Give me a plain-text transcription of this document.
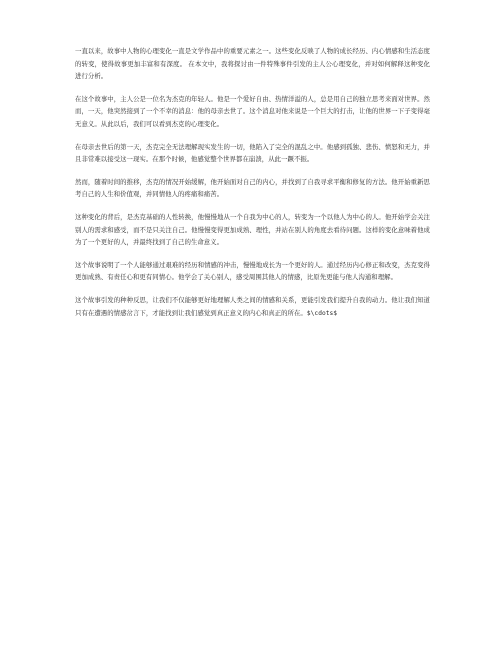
一直以来，故事中人物的心理变化一直是文学作品中的重要元素之一。这些变化反映了人物的成长经历、内心情感和生活态度的转变，使得故事更加丰富和有深度。 在本文中，我将探讨由一件特殊事件引发的主人公心理变化，并对如何解释这种变化进行分析。

在这个故事中，主人公是一位名为杰克的年轻人。他是一个爱好自由、热情洋溢的人，总是用自己的独立思考来面对世界。然而，一天，他突然接到了一个不幸的消息：他的母亲去世了。这个消息对他来说是一个巨大的打击，让他的世界一下子变得毫无意义。从此以后，我们可以看到杰克的心理变化。

在母亲去世后的第一天，杰克完全无法理解现实发生的一切，他陷入了完全的混乱之中。他感到孤独、悲伤、愤怒和无力，并且非常难以接受这一现实。在那个时候，他感觉整个世界都在崩溃，从此一蹶不振。

然而，随着时间的推移，杰克的情况开始缓解，他开始面对自己的内心，并找到了自我寻求平衡和修复的方法。他开始重新思考自己的人生和价值观，并同情他人的疼痛和痛苦。

这种变化的背后，是杰克基础的人性转换，他慢慢地从一个自我为中心的人，转变为一个以他人为中心的人。他开始学会关注别人的需求和感受，而不是只关注自己。他慢慢变得更加成熟、理性，并站在别人的角度去看待问题。这样的变化意味着他成为了一个更好的人，并最终找到了自己的生命意义。

这个故事说明了一个人能够通过艰难的经历和情感的冲击，慢慢地成长为一个更好的人。通过经历内心修正和改变，杰克变得更加成熟、有责任心和更有同情心。他学会了关心别人，感受周围其他人的情感，比原先更能与他人沟通和理解。

这个故事引发的种种反思，让我们不仅能够更好地理解人类之间的情感和关系，更能引发我们提升自我的动力。他让我们知道只有在遭遇的情感岔言下，才能找到让我们感觉到真正意义的内心和真正的所在。$\cdots$
